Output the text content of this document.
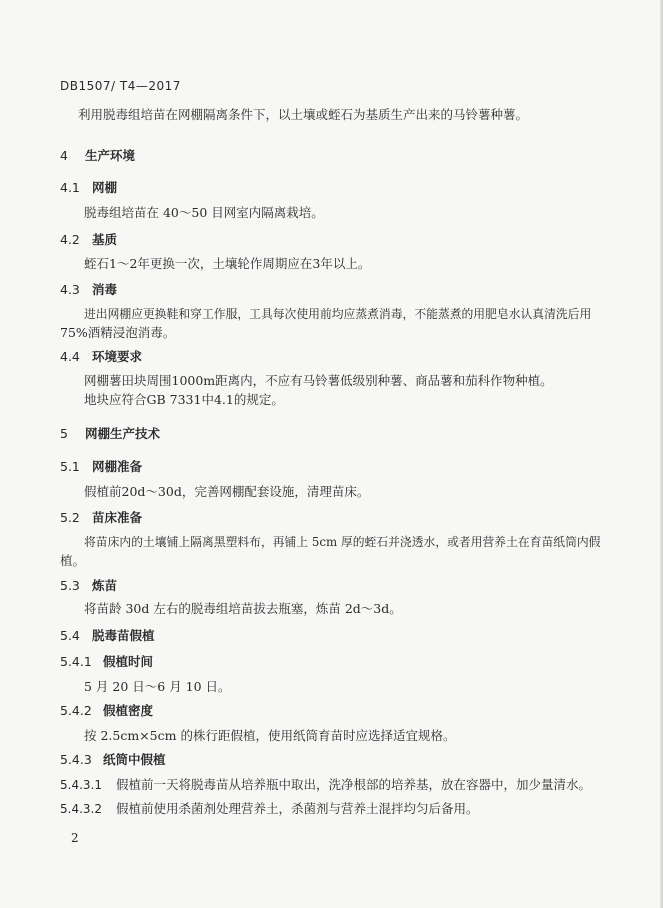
DB1507/ T4—2017
利用脱毒组培苗在网棚隔离条件下，以土壤或蛭石为基质生产出来的马铃薯种薯。
4 生产环境
4.1 网棚
脱毒组培苗在 40～50 目网室内隔离栽培。
4.2 基质
蛭石1～2年更换一次，土壤轮作周期应在3年以上。
4.3 消毒
进出网棚应更换鞋和穿工作服，工具每次使用前均应蒸煮消毒，不能蒸煮的用肥皂水认真清洗后用
75%酒精浸泡消毒。
4.4 环境要求
网棚薯田块周围1000m距离内，不应有马铃薯低级别种薯、商品薯和茄科作物种植。
地块应符合GB 7331中4.1的规定。
5 网棚生产技术
5.1 网棚准备
假植前20d～30d，完善网棚配套设施，清理苗床。
5.2 苗床准备
将苗床内的土壤铺上隔离黑塑料布，再铺上 5cm 厚的蛭石并浇透水，或者用营养土在育苗纸筒内假
植。
5.3 炼苗
将苗龄 30d 左右的脱毒组培苗拔去瓶塞，炼苗 2d～3d。
5.4 脱毒苗假植
5.4.1 假植时间
5 月 20 日～6 月 10 日。
5.4.2 假植密度
按 2.5cm×5cm 的株行距假植，使用纸筒育苗时应选择适宜规格。
5.4.3 纸筒中假植
5.4.3.1 假植前一天将脱毒苗从培养瓶中取出，洗净根部的培养基，放在容器中，加少量清水。
5.4.3.2 假植前使用杀菌剂处理营养土，杀菌剂与营养土混拌均匀后备用。
2
